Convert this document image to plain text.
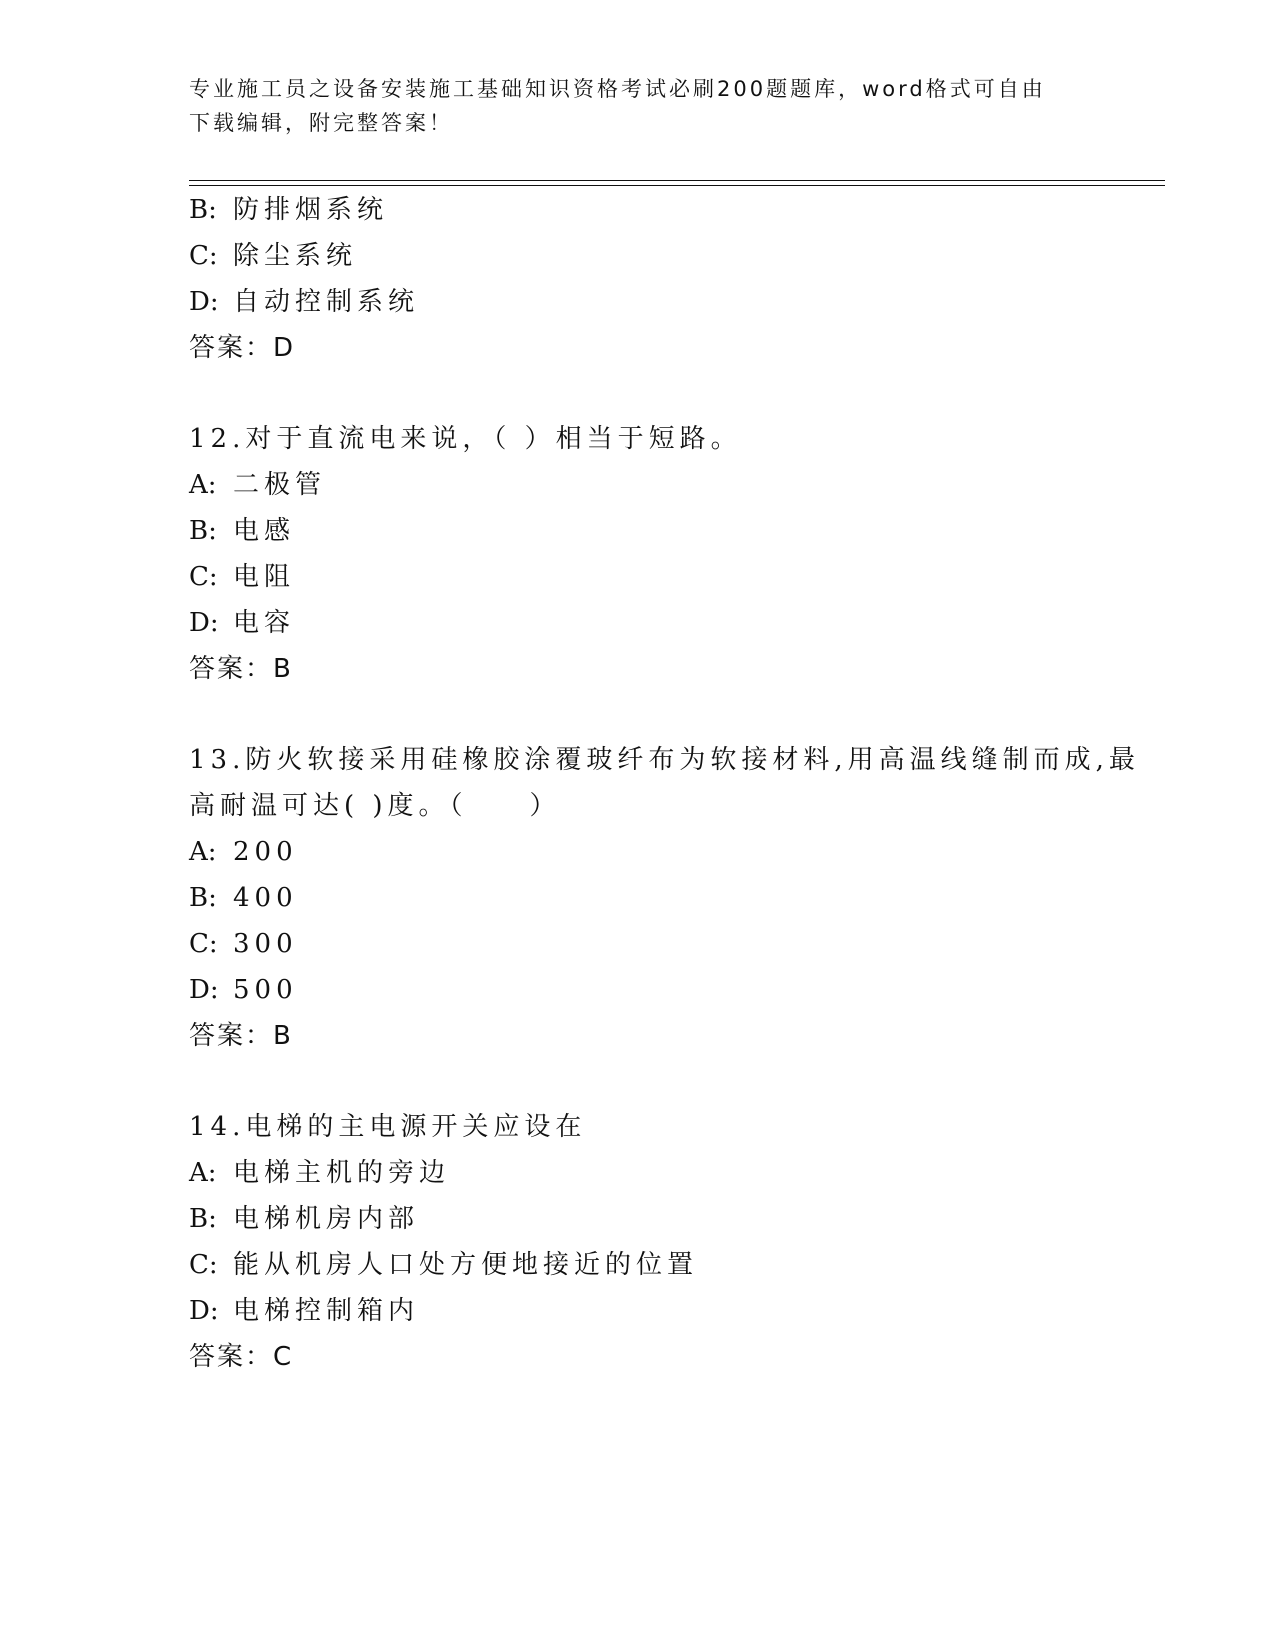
专业施工员之设备安装施工基础知识资格考试必刷200题题库，word格式可自由
下载编辑，附完整答案！
B: 防排烟系统
C: 除尘系统
D: 自动控制系统
答案：D
12.对于直流电来说，（ ）相当于短路。
A: 二极管
B: 电感
C: 电阻
D: 电容
答案：B
13.防火软接采用硅橡胶涂覆玻纤布为软接材料,用高温线缝制而成,最
高耐温可达( )度。（　　）
A: 200
B: 400
C: 300
D: 500
答案：B
14.电梯的主电源开关应设在
A: 电梯主机的旁边
B: 电梯机房内部
C: 能从机房人口处方便地接近的位置
D: 电梯控制箱内
答案：C
